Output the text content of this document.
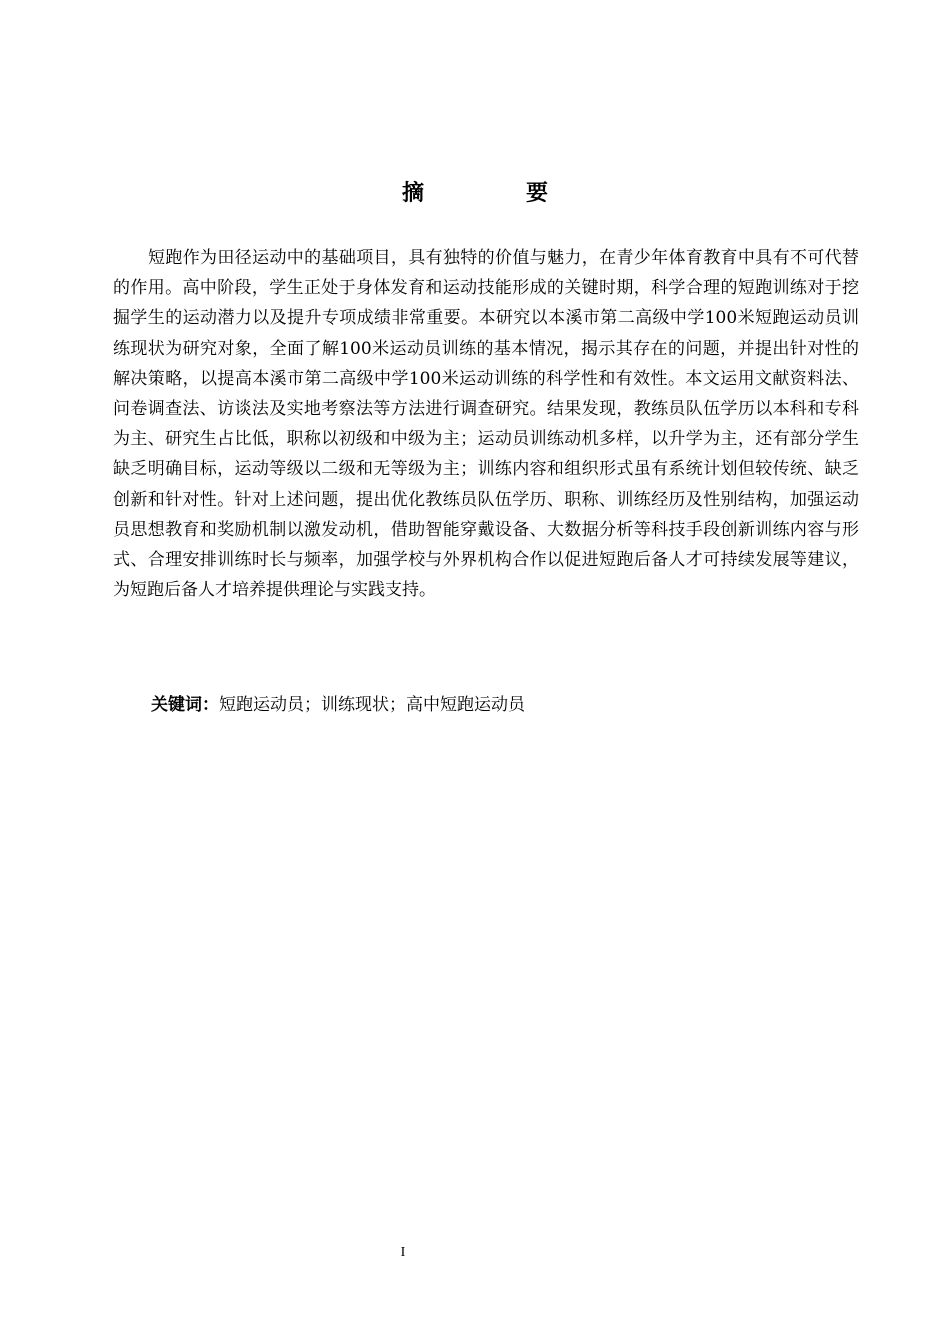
摘　要

短跑作为田径运动中的基础项目，具有独特的价值与魅力，在青少年体育教育中具有不可代替的作用。高中阶段，学生正处于身体发育和运动技能形成的关键时期，科学合理的短跑训练对于挖掘学生的运动潜力以及提升专项成绩非常重要。本研究以本溪市第二高级中学100米短跑运动员训练现状为研究对象，全面了解100米运动员训练的基本情况，揭示其存在的问题，并提出针对性的解决策略，以提高本溪市第二高级中学100米运动训练的科学性和有效性。本文运用文献资料法、问卷调查法、访谈法及实地考察法等方法进行调查研究。结果发现，教练员队伍学历以本科和专科为主、研究生占比低，职称以初级和中级为主；运动员训练动机多样，以升学为主，还有部分学生缺乏明确目标，运动等级以二级和无等级为主；训练内容和组织形式虽有系统计划但较传统、缺乏创新和针对性。针对上述问题，提出优化教练员队伍学历、职称、训练经历及性别结构，加强运动员思想教育和奖励机制以激发动机，借助智能穿戴设备、大数据分析等科技手段创新训练内容与形式、合理安排训练时长与频率，加强学校与外界机构合作以促进短跑后备人才可持续发展等建议，为短跑后备人才培养提供理论与实践支持。

关键词：短跑运动员；训练现状；高中短跑运动员
I
